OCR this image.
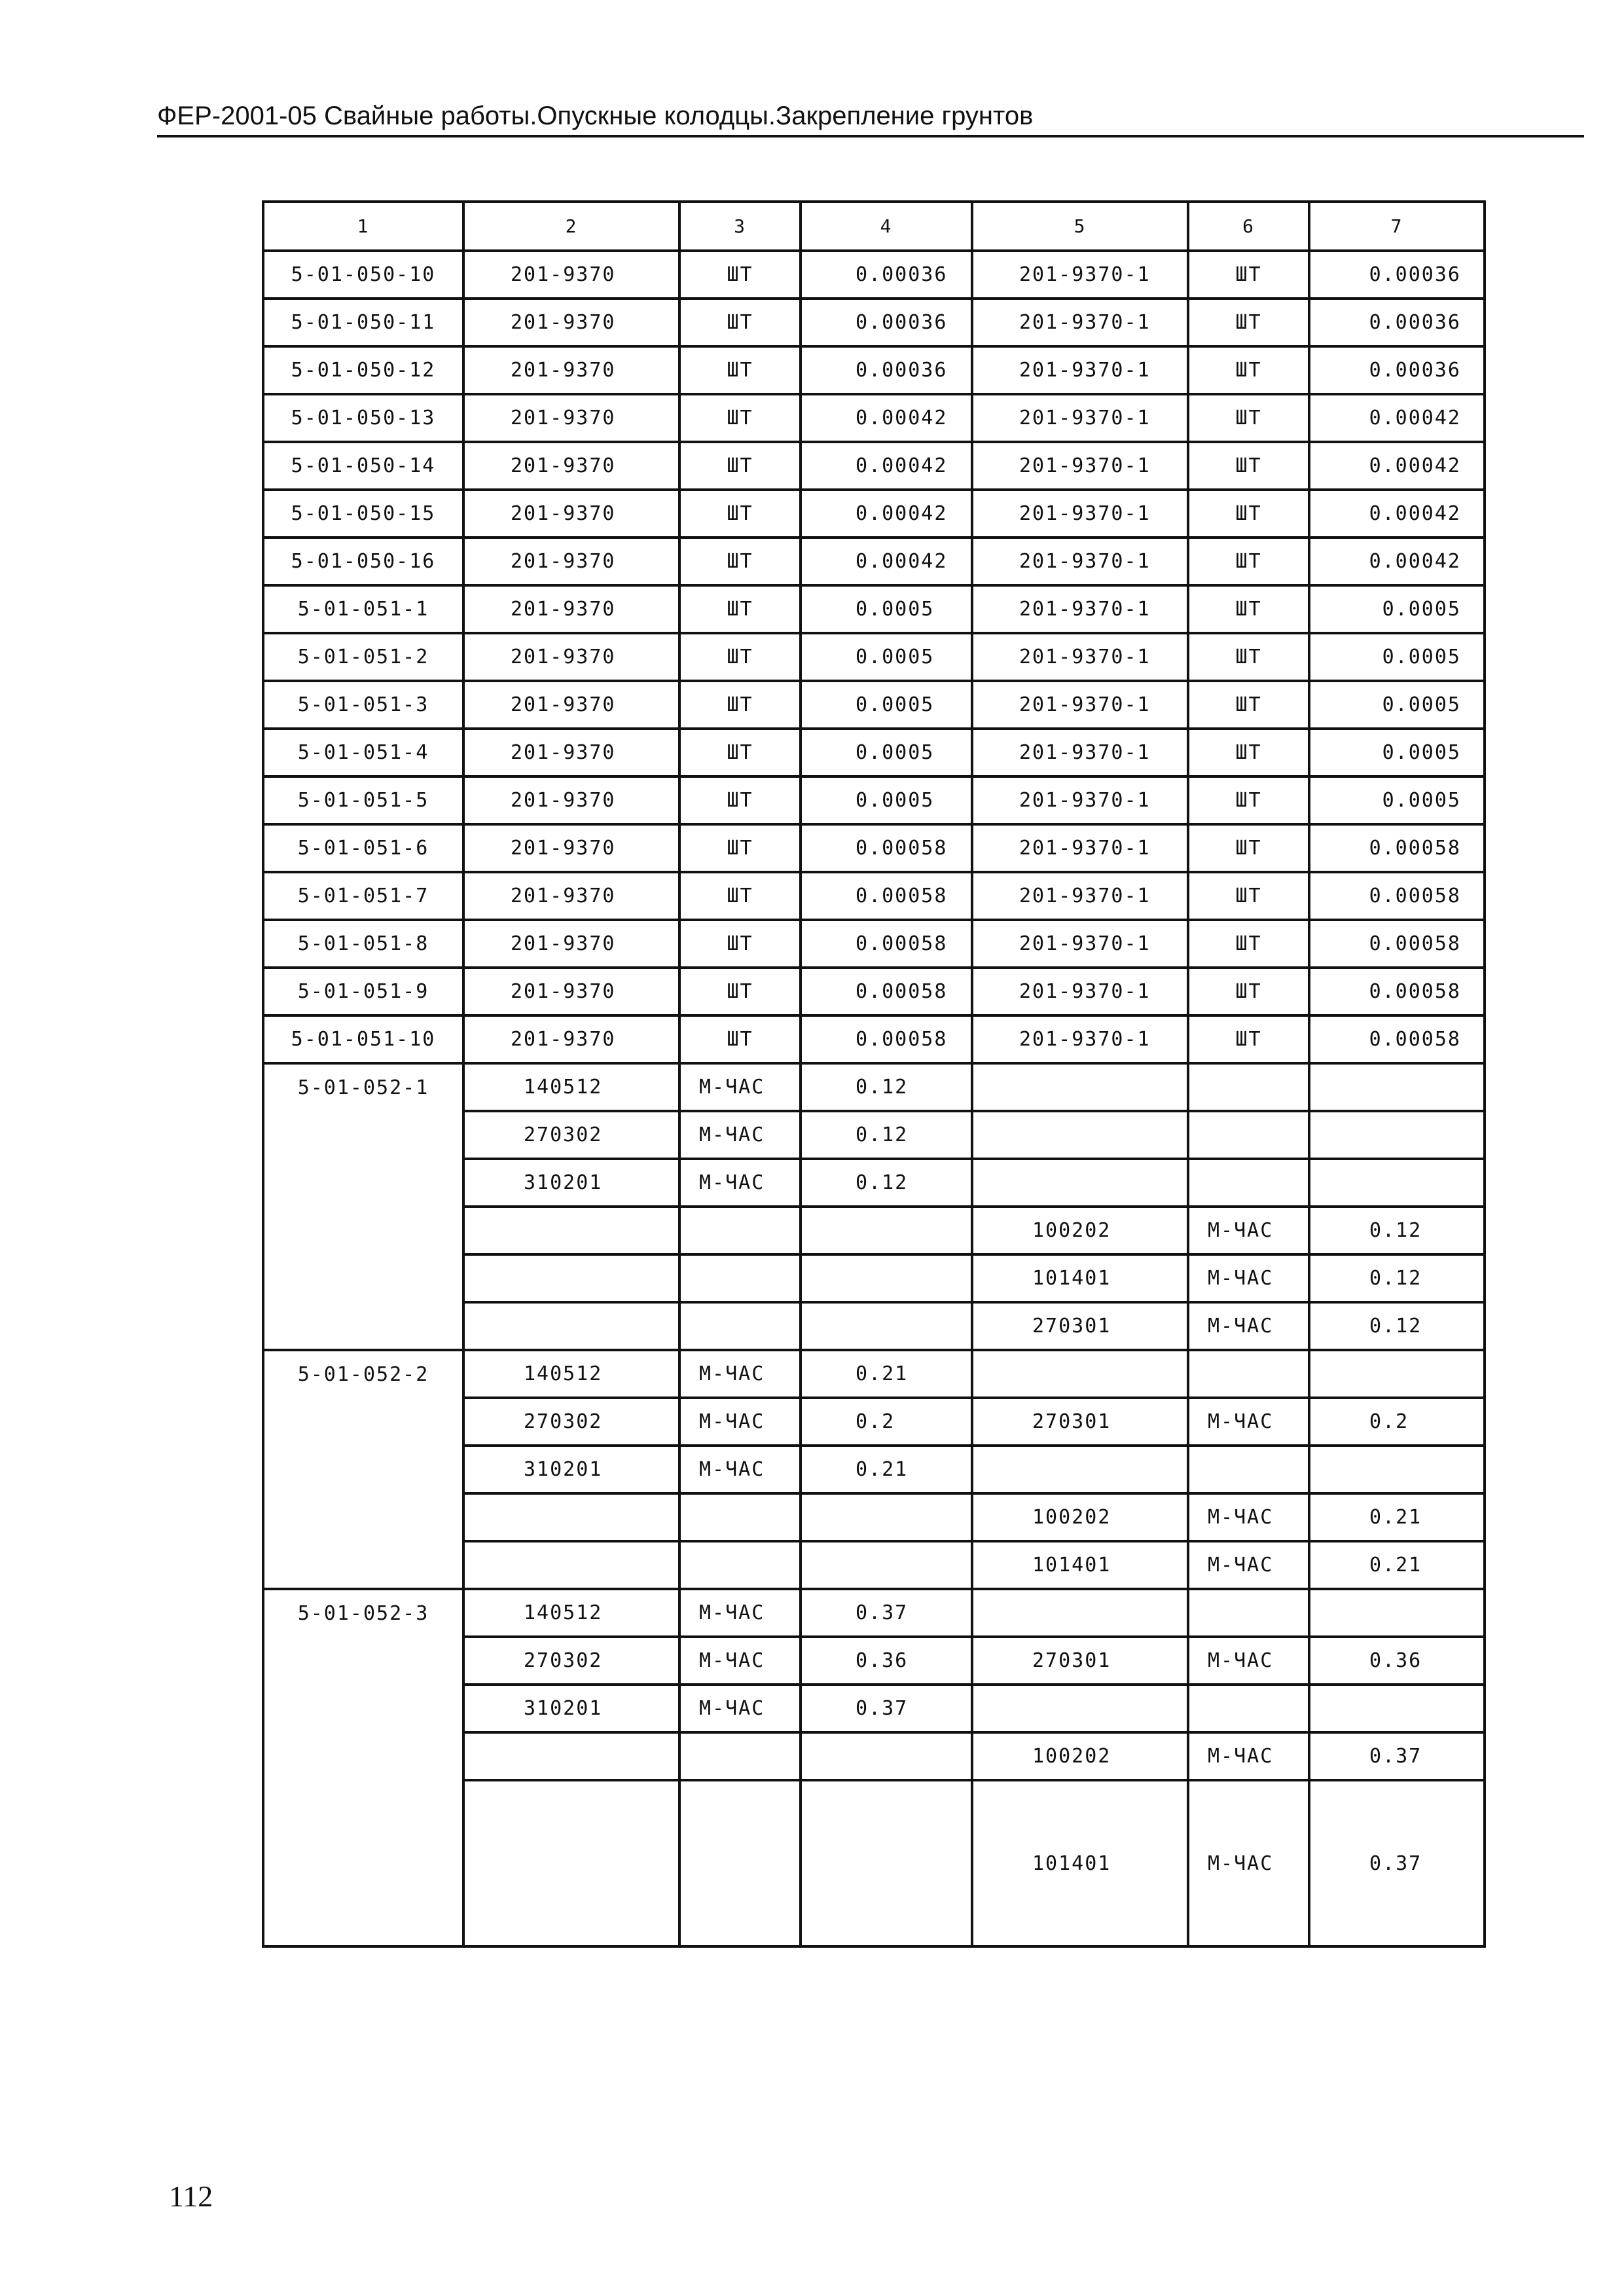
ФЕР-2001-05 Свайные работы.Опускные колодцы.Закрепление грунтов
1	2	3	4	5	6	7
5-01-050-10	201-9370	ШТ	0.00036	201-9370-1	ШТ	0.00036
5-01-050-11	201-9370	ШТ	0.00036	201-9370-1	ШТ	0.00036
5-01-050-12	201-9370	ШТ	0.00036	201-9370-1	ШТ	0.00036
5-01-050-13	201-9370	ШТ	0.00042	201-9370-1	ШТ	0.00042
5-01-050-14	201-9370	ШТ	0.00042	201-9370-1	ШТ	0.00042
5-01-050-15	201-9370	ШТ	0.00042	201-9370-1	ШТ	0.00042
5-01-050-16	201-9370	ШТ	0.00042	201-9370-1	ШТ	0.00042
5-01-051-1	201-9370	ШТ	0.0005	201-9370-1	ШТ	0.0005
5-01-051-2	201-9370	ШТ	0.0005	201-9370-1	ШТ	0.0005
5-01-051-3	201-9370	ШТ	0.0005	201-9370-1	ШТ	0.0005
5-01-051-4	201-9370	ШТ	0.0005	201-9370-1	ШТ	0.0005
5-01-051-5	201-9370	ШТ	0.0005	201-9370-1	ШТ	0.0005
5-01-051-6	201-9370	ШТ	0.00058	201-9370-1	ШТ	0.00058
5-01-051-7	201-9370	ШТ	0.00058	201-9370-1	ШТ	0.00058
5-01-051-8	201-9370	ШТ	0.00058	201-9370-1	ШТ	0.00058
5-01-051-9	201-9370	ШТ	0.00058	201-9370-1	ШТ	0.00058
5-01-051-10	201-9370	ШТ	0.00058	201-9370-1	ШТ	0.00058
5-01-052-1	140512	М-ЧАС	0.12			
	270302	М-ЧАС	0.12			
	310201	М-ЧАС	0.12			
				100202	М-ЧАС	0.12
				101401	М-ЧАС	0.12
				270301	М-ЧАС	0.12
5-01-052-2	140512	М-ЧАС	0.21			
	270302	М-ЧАС	0.2	270301	М-ЧАС	0.2
	310201	М-ЧАС	0.21			
				100202	М-ЧАС	0.21
				101401	М-ЧАС	0.21
5-01-052-3	140512	М-ЧАС	0.37			
	270302	М-ЧАС	0.36	270301	М-ЧАС	0.36
	310201	М-ЧАС	0.37			
				100202	М-ЧАС	0.37
				101401	М-ЧАС	0.37
112
